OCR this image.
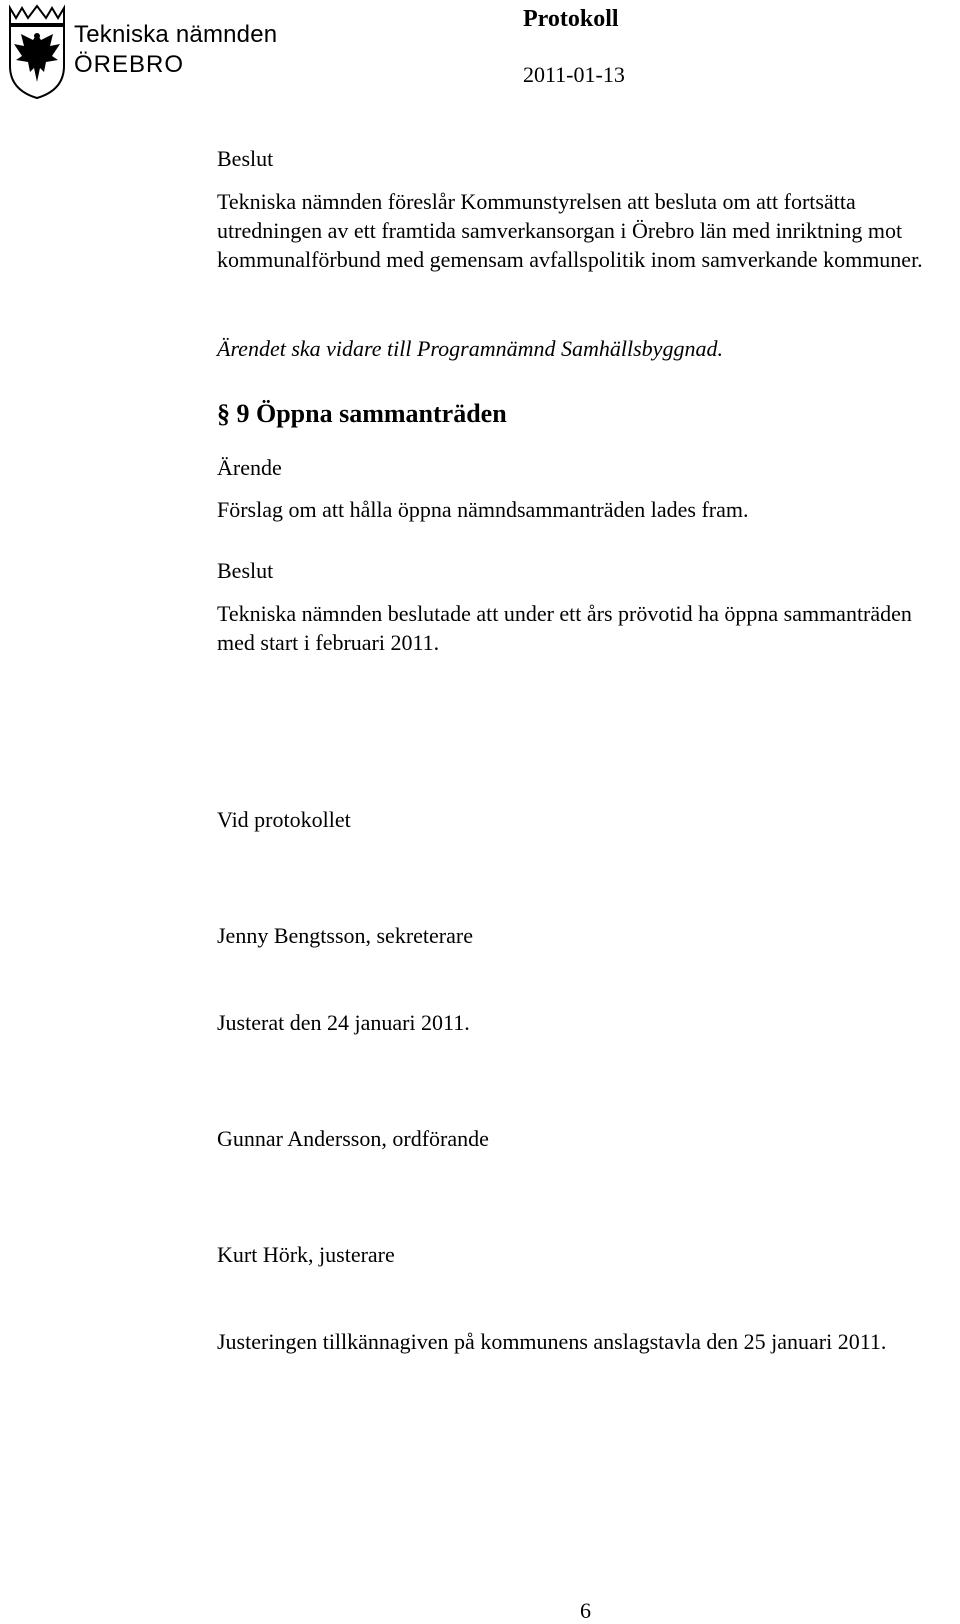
Tekniska nämnden

ÖREBRO

Protokoll

2011-01-13

Beslut

Tekniska nämnden föreslår Kommunstyrelsen att besluta om att fortsätta utredningen av ett framtida samverkansorgan i Örebro län med inriktning mot kommunalförbund med gemensam avfallspolitik inom samverkande kommuner.

Ärendet ska vidare till Programnämnd Samhällsbyggnad.

§ 9 Öppna sammanträden

Ärende

Förslag om att hålla öppna nämndsammanträden lades fram.

Beslut

Tekniska nämnden beslutade att under ett års prövotid ha öppna sammanträden med start i februari 2011.

Vid protokollet

Jenny Bengtsson, sekreterare

Justerat den 24 januari 2011.

Gunnar Andersson, ordförande

Kurt Hörk, justerare

Justeringen tillkännagiven på kommunens anslagstavla den 25 januari 2011.

6
